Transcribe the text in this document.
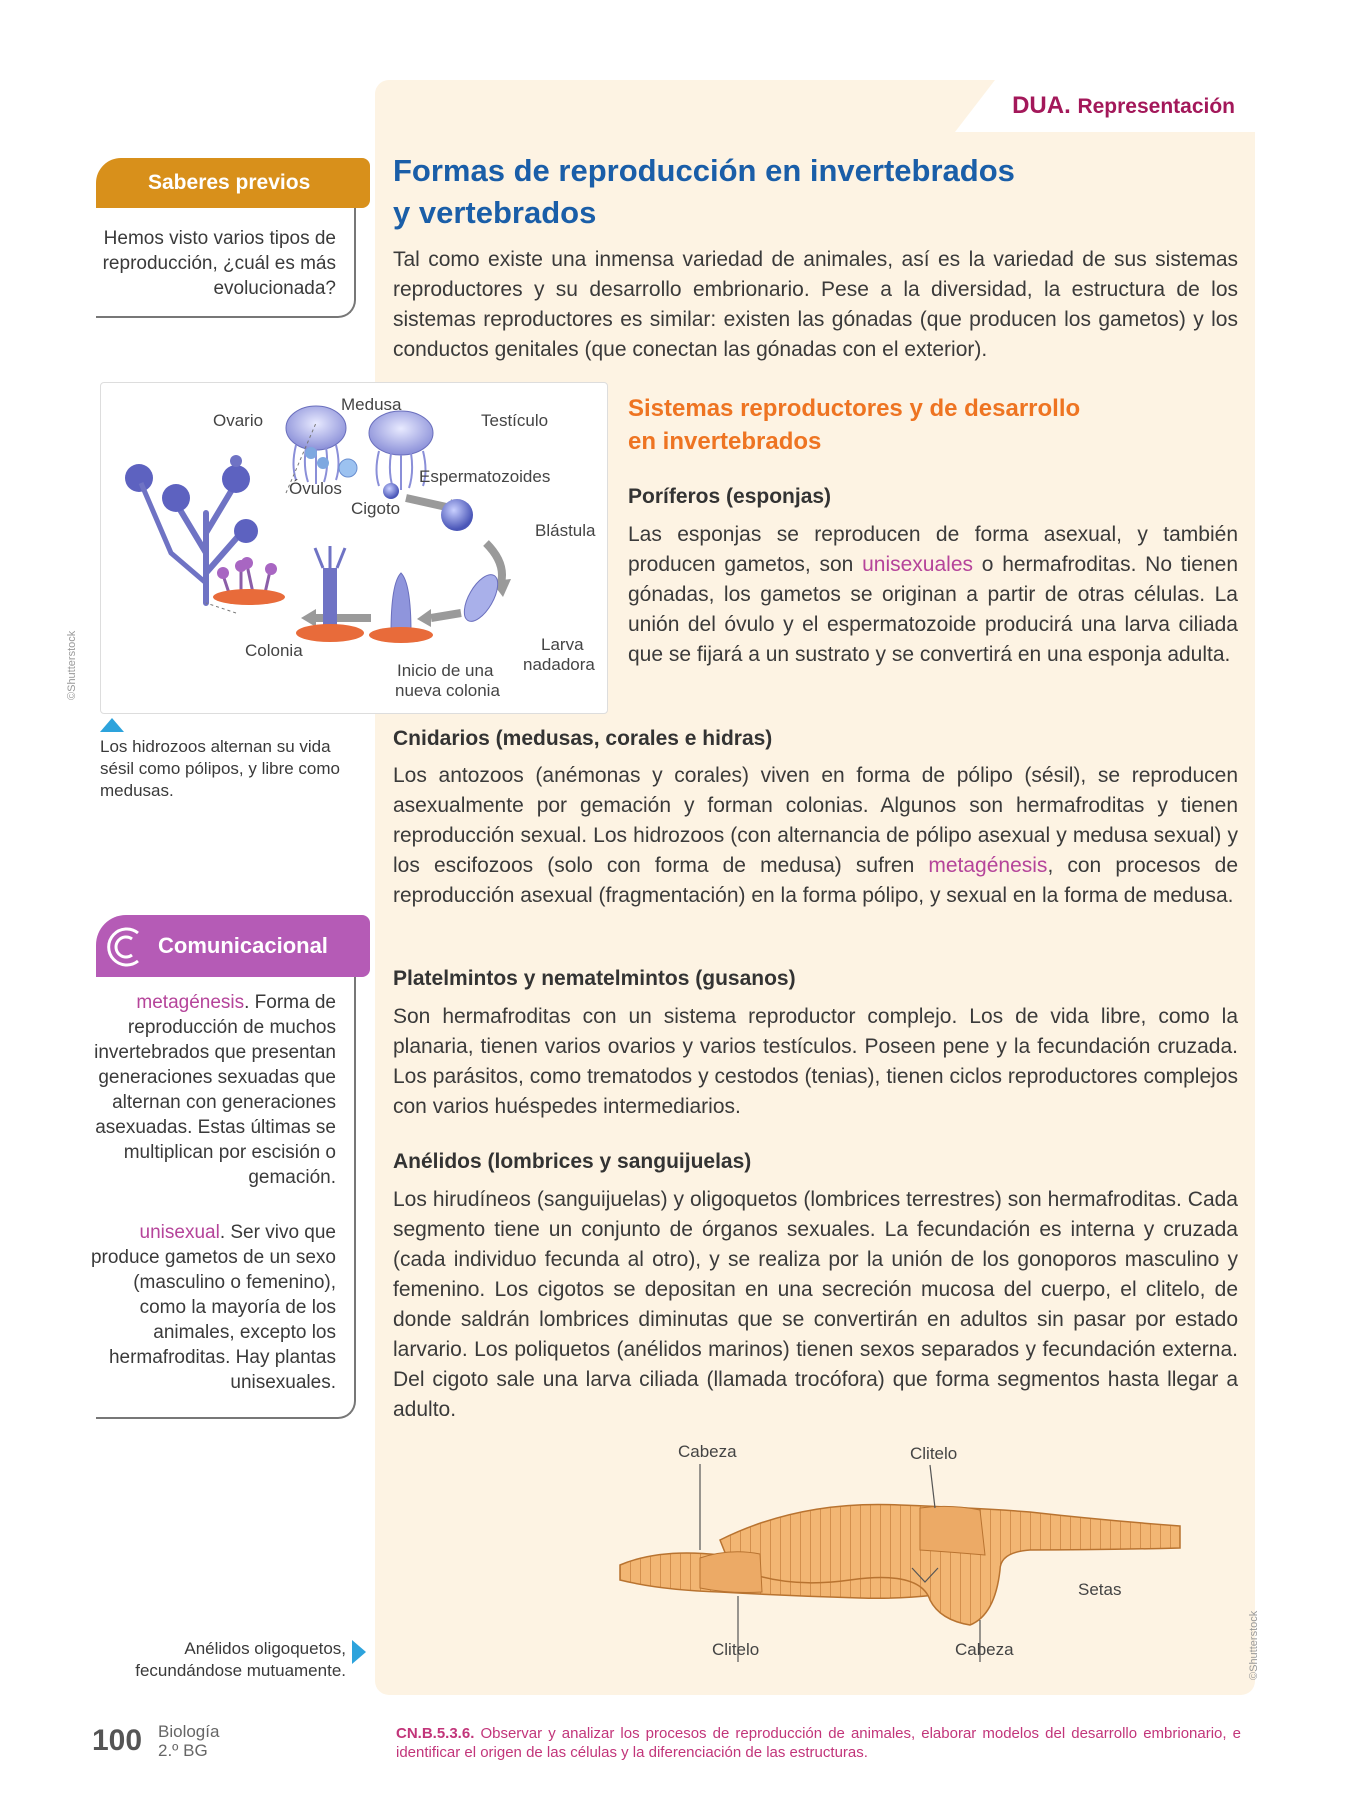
DUA. Representación
Formas de reproducción en invertebrados
y vertebrados

Tal como existe una inmensa variedad de animales, así es la variedad de sus sistemas reproductores y su desarrollo embrionario. Pese a la diversidad, la estructura de los sistemas reproductores es similar: existen las gónadas (que producen los gametos) y los conductos genitales (que conectan las gónadas con el exterior).

Saberes previos

Hemos visto varios tipos de reproducción, ¿cuál es más evolucionada?

Ovario
Medusa
Testículo
Óvulos
Espermatozoides
Cigoto
Blástula
Colonia	Larva
nadadora
Inicio de una
nueva colonia
©Shutterstock

Los hidrozoos alternan su vida sésil como pólipos, y libre como medusas.

Sistemas reproductores y de desarrollo
en invertebrados
Poríferos (esponjas)

Las esponjas se reproducen de forma asexual, y también producen gametos, son unisexuales o hermafroditas. No tienen gónadas, los gametos se originan a partir de otras células. La unión del óvulo y el espermatozoide producirá una larva ciliada que se fijará a un sustrato y se convertirá en una esponja adulta.

Cnidarios (medusas, corales e hidras)

Los antozoos (anémonas y corales) viven en forma de pólipo (sésil), se reproducen asexualmente por gemación y forman colonias. Algunos son hermafroditas y tienen reproducción sexual. Los hidrozoos (con alternancia de pólipo asexual y medusa sexual) y los escifozoos (solo con forma de medusa) sufren metagénesis, con procesos de reproducción asexual (fragmentación) en la forma pólipo, y sexual en la forma de medusa.

Platelmintos y nematelmintos (gusanos)

Son hermafroditas con un sistema reproductor complejo. Los de vida libre, como la planaria, tienen varios ovarios y varios testículos. Poseen pene y la fecundación cruzada. Los parásitos, como trematodos y cestodos (tenias), tienen ciclos reproductores complejos con varios huéspedes intermediarios.

Anélidos (lombrices y sanguijuelas)

Los hirudíneos (sanguijuelas) y oligoquetos (lombrices terrestres) son hermafroditas. Cada segmento tiene un conjunto de órganos sexuales. La fecundación es interna y cruzada (cada individuo fecunda al otro), y se realiza por la unión de los gonoporos masculino y femenino. Los cigotos se depositan en una secreción mucosa del cuerpo, el clitelo, de donde saldrán lombrices diminutas que se convertirán en adultos sin pasar por estado larvario. Los poliquetos (anélidos marinos) tienen sexos separados y fecundación externa. Del cigoto sale una larva ciliada (llamada trocófora) que forma segmentos hasta llegar a adulto.

Comunicacional

metagénesis. Forma de reproducción de muchos invertebrados que presentan generaciones sexuadas que alternan con generaciones asexuadas. Estas últimas se multiplican por escisión o gemación.

unisexual. Ser vivo que produce gametos de un sexo (masculino o femenino), como la mayoría de los animales, excepto los hermafroditas. Hay plantas unisexuales.

Cabeza	Clitelo
Setas
Clitelo	Cabeza	©Shutterstock

Anélidos oligoquetos, fecundándose mutuamente.

100 Biología
2.º BG

CN.B.5.3.6. Observar y analizar los procesos de reproducción de animales, elaborar modelos del desarrollo embrionario, e identificar el origen de las células y la diferenciación de las estructuras.
